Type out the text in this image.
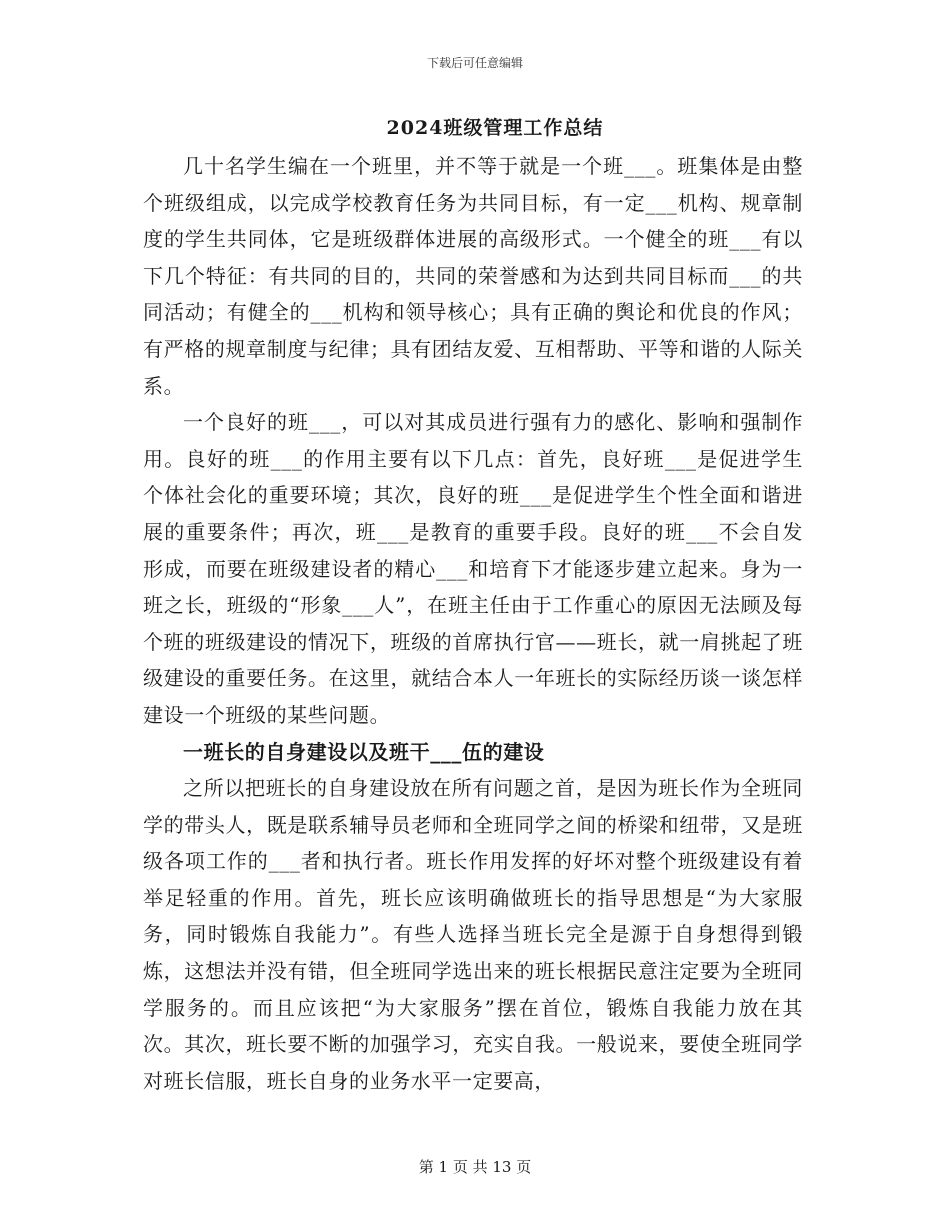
下载后可任意编辑
2024班级管理工作总结

几十名学生编在一个班里，并不等于就是一个班___。班集体是由整个班级组成，以完成学校教育任务为共同目标，有一定___机构、规章制度的学生共同体，它是班级群体进展的高级形式。一个健全的班___有以下几个特征：有共同的目的，共同的荣誉感和为达到共同目标而___的共同活动；有健全的___机构和领导核心；具有正确的舆论和优良的作风；有严格的规章制度与纪律；具有团结友爱、互相帮助、平等和谐的人际关系。

一个良好的班___，可以对其成员进行强有力的感化、影响和强制作用。良好的班___的作用主要有以下几点：首先，良好班___是促进学生个体社会化的重要环境；其次，良好的班___是促进学生个性全面和谐进展的重要条件；再次，班___是教育的重要手段。良好的班___不会自发形成，而要在班级建设者的精心___和培育下才能逐步建立起来。身为一班之长，班级的“形象___人”，在班主任由于工作重心的原因无法顾及每个班的班级建设的情况下，班级的首席执行官——班长，就一肩挑起了班级建设的重要任务。在这里，就结合本人一年班长的实际经历谈一谈怎样建设一个班级的某些问题。

一班长的自身建设以及班干___伍的建设

之所以把班长的自身建设放在所有问题之首，是因为班长作为全班同学的带头人，既是联系辅导员老师和全班同学之间的桥梁和纽带，又是班级各项工作的___者和执行者。班长作用发挥的好坏对整个班级建设有着举足轻重的作用。首先，班长应该明确做班长的指导思想是“为大家服务，同时锻炼自我能力”。有些人选择当班长完全是源于自身想得到锻炼，这想法并没有错，但全班同学选出来的班长根据民意注定要为全班同学服务的。而且应该把“为大家服务”摆在首位，锻炼自我能力放在其次。其次，班长要不断的加强学习，充实自我。一般说来，要使全班同学对班长信服，班长自身的业务水平一定要高，

第 1 页 共 13 页
